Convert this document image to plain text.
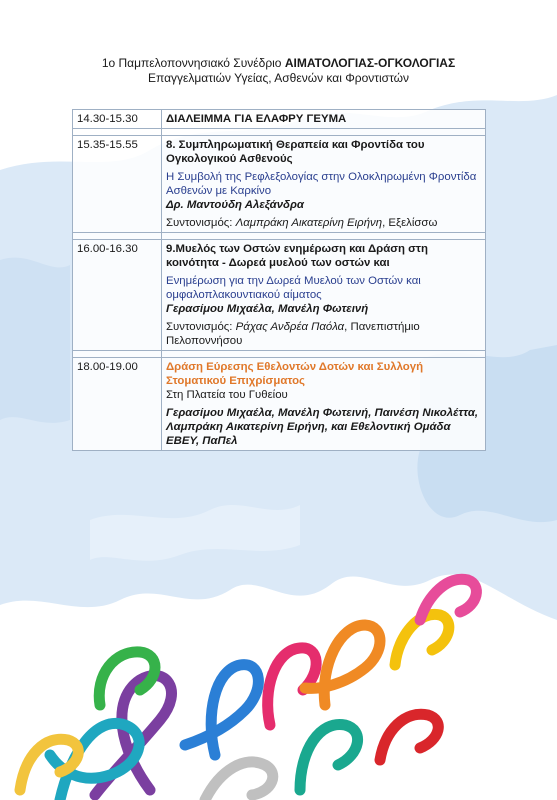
1ο Παμπελοποννησιακό Συνέδριο ΑΙΜΑΤΟΛΟΓΙΑΣ-ΟΓΚΟΛΟΓΙΑΣ
Επαγγελματιών Υγείας, Ασθενών και Φροντιστών
14.30-15.30	ΔΙΑΛΕΙΜΜΑ ΓΙΑ ΕΛΑΦΡΥ ΓΕΥΜΑ

15.35-15.55	8. Συμπληρωματική Θεραπεία και Φροντίδα του Ογκολογικού Ασθενούς

Η Συμβολή της Ρεφλεξολογίας στην Ολοκληρωμένη Φροντίδα Ασθενών με Καρκίνο

Δρ. Μαντούδη Αλεξάνδρα

Συντονισμός: Λαμπράκη Αικατερίνη Ειρήνη, Εξελίσσω

16.00-16.30	9.Μυελός των Οστών ενημέρωση και Δράση στη κοινότητα - Δωρεά μυελού των οστών και

Ενημέρωση για την Δωρεά Μυελού των Οστών και ομφαλοπλακουντιακού αίματος

Γερασίμου Μιχαέλα, Μανέλη Φωτεινή

Συντονισμός: Ράχας Ανδρέα Παόλα, Πανεπιστήμιο Πελοποννήσου

18.00-19.00	Δράση Εύρεσης Εθελοντών Δοτών και Συλλογή Στοματικού Επιχρίσματος

Στη Πλατεία του Γυθείου

Γερασίμου Μιχαέλα, Μανέλη Φωτεινή, Παινέση Νικολέττα, Λαμπράκη Αικατερίνη Ειρήνη, και Εθελοντική Ομάδα ΕΒΕΥ, ΠαΠελ
